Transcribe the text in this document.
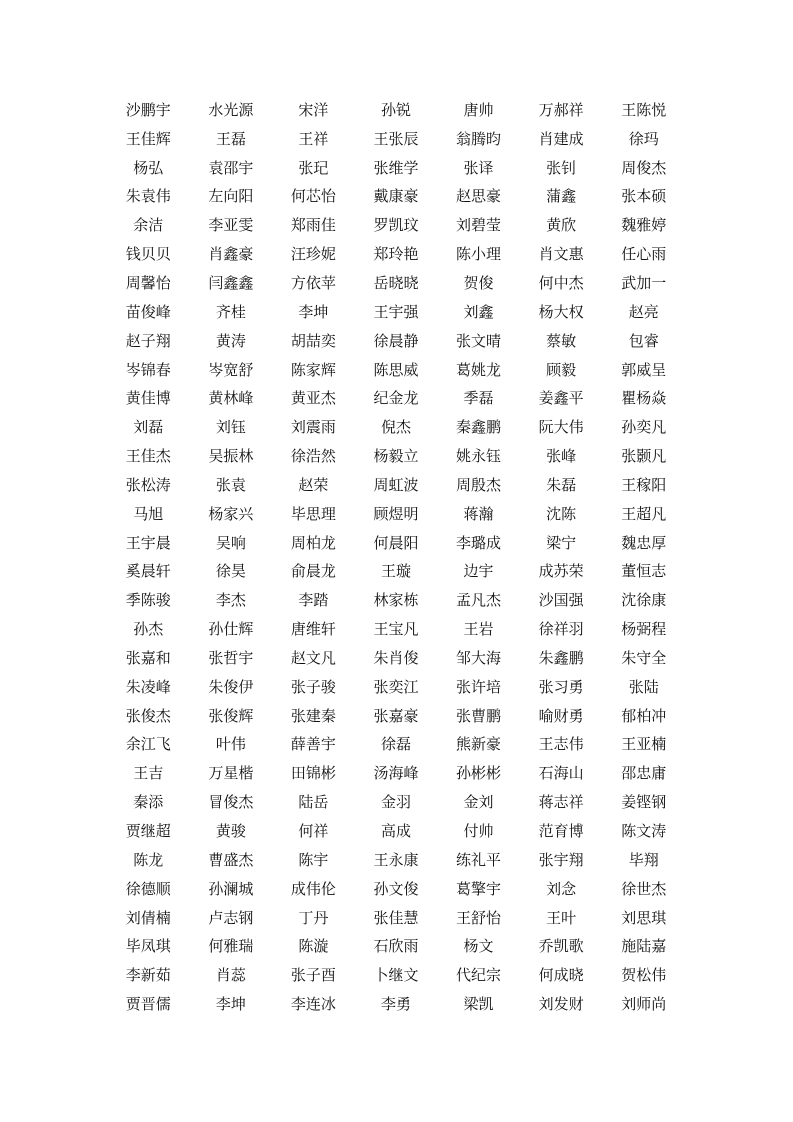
沙鹏宇	水光源	宋洋	孙锐	唐帅	万郝祥	王陈悦
王佳辉	王磊	王祥	王张辰	翁腾昀	肖建成	徐玛
杨弘	袁邵宇	张玘	张维学	张译	张钊	周俊杰
朱袁伟	左向阳	何芯怡	戴康豪	赵思豪	蒲鑫	张本硕
余洁	李亚雯	郑雨佳	罗凯玟	刘碧莹	黄欣	魏雅婷
钱贝贝	肖鑫豪	汪珍妮	郑玲艳	陈小理	肖文惠	任心雨
周馨怡	闫鑫鑫	方依苹	岳晓晓	贺俊	何中杰	武加一
苗俊峰	齐桂	李坤	王宇强	刘鑫	杨大权	赵亮
赵子翔	黄涛	胡喆奕	徐晨静	张文晴	蔡敏	包睿
岑锦春	岑宽舒	陈家辉	陈思威	葛姚龙	顾毅	郭威呈
黄佳博	黄林峰	黄亚杰	纪金龙	季磊	姜鑫平	瞿杨焱
刘磊	刘钰	刘震雨	倪杰	秦鑫鹏	阮大伟	孙奕凡
王佳杰	吴振林	徐浩然	杨毅立	姚永钰	张峰	张颢凡
张松涛	张袁	赵荣	周虹波	周殷杰	朱磊	王稼阳
马旭	杨家兴	毕思理	顾煜明	蒋瀚	沈陈	王超凡
王宇晨	吴响	周柏龙	何晨阳	李璐成	梁宁	魏忠厚
奚晨轩	徐昊	俞晨龙	王璇	边宇	成苏荣	董恒志
季陈骏	李杰	李踏	林家栋	孟凡杰	沙国强	沈徐康
孙杰	孙仕辉	唐维轩	王宝凡	王岩	徐祥羽	杨弼程
张嘉和	张哲宇	赵文凡	朱肖俊	邹大海	朱鑫鹏	朱守全
朱凌峰	朱俊伊	张子骏	张奕江	张许培	张习勇	张陆
张俊杰	张俊辉	张建秦	张嘉豪	张曹鹏	喻财勇	郁柏冲
余江飞	叶伟	薛善宇	徐磊	熊新豪	王志伟	王亚楠
王吉	万星楷	田锦彬	汤海峰	孙彬彬	石海山	邵忠庸
秦添	冒俊杰	陆岳	金羽	金刘	蒋志祥	姜铿钢
贾继超	黄骏	何祥	高成	付帅	范育博	陈文涛
陈龙	曹盛杰	陈宇	王永康	练礼平	张宇翔	毕翔
徐德顺	孙澜城	成伟伦	孙文俊	葛擎宇	刘念	徐世杰
刘倩楠	卢志钢	丁丹	张佳慧	王舒怡	王叶	刘思琪
毕凤琪	何雅瑞	陈漩	石欣雨	杨文	乔凯歌	施陆嘉
李新茹	肖蕊	张子酉	卜继文	代纪宗	何成晓	贺松伟
贾晋儒	李坤	李连冰	李勇	梁凯	刘发财	刘师尚
